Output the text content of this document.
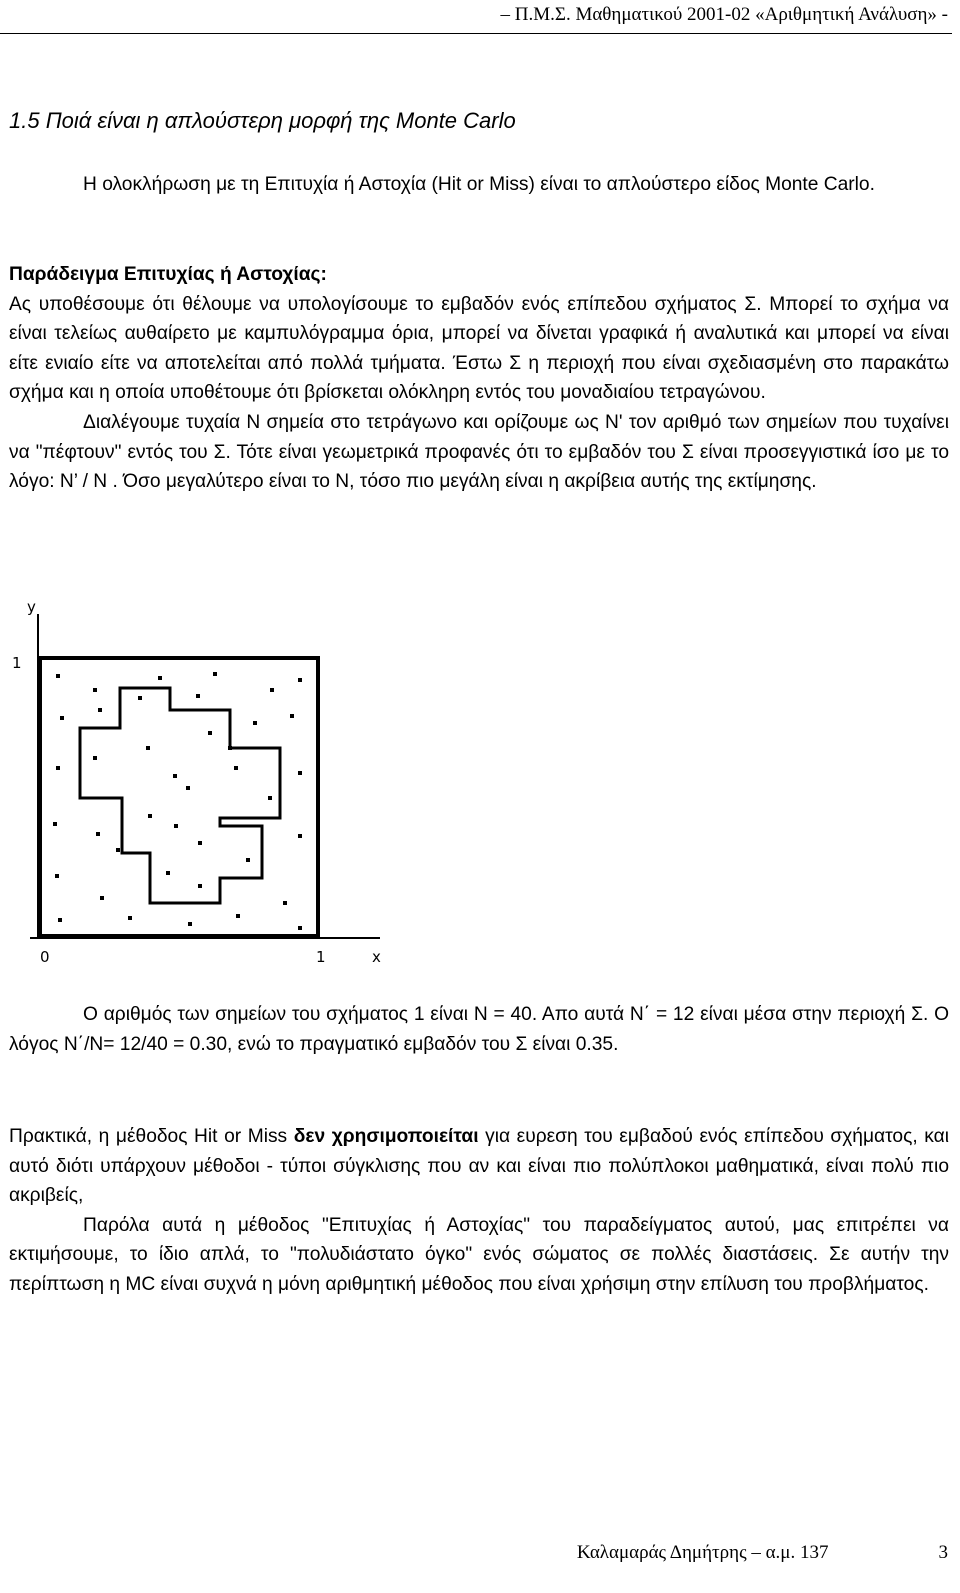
– Π.Μ.Σ. Μαθηματικού 2001-02 «Αριθμητική Ανάλυση» -
1.5 Ποιά είναι η απλούστερη μορφή της Monte Carlo
Η ολοκλήρωση με τη Επιτυχία ή Αστοχία (Hit or Miss) είναι το απλούστερο είδος Monte Carlo.
Παράδειγμα Επιτυχίας ή Αστοχίας:
Ας υποθέσουμε ότι θέλουμε να υπολογίσουμε το εμβαδόν ενός επίπεδου σχήματος Σ. Μπορεί το σχήμα να είναι τελείως αυθαίρετο με καμπυλόγραμμα όρια, μπορεί να δίνεται γραφικά ή αναλυτικά και μπορεί να είναι είτε ενιαίο είτε να αποτελείται από πολλά τμήματα. Έστω Σ η περιοχή που είναι σχεδιασμένη στο παρακάτω σχήμα και η οποία υποθέτουμε ότι βρίσκεται ολόκληρη εντός του μοναδιαίου τετραγώνου.
Διαλέγουμε τυχαία Ν σημεία στο τετράγωνο και ορίζουμε ως Ν' τον αριθμό των σημείων που τυχαίνει να "πέφτουν" εντός του Σ. Τότε είναι γεωμετρικά προφανές ότι το εμβαδόν του Σ είναι προσεγγιστικά ίσο με το λόγο: Ν’ / Ν . Όσο μεγαλύτερο είναι το Ν, τόσο πιο μεγάλη είναι η ακρίβεια αυτής της εκτίμησης.
y
1
0	1	x
Ο αριθμός των σημείων του σχήματος 1 είναι Ν = 40. Απο αυτά Ν΄ = 12 είναι μέσα στην περιοχή Σ. Ο λόγος Ν΄/Ν= 12/40 = 0.30, ενώ το πραγματικό εμβαδόν του Σ είναι 0.35.
Πρακτικά, η μέθοδος Hit or Miss δεν χρησιμοποιείται για ευρεση του εμβαδού ενός επίπεδου σχήματος, και αυτό διότι υπάρχουν μέθοδοι - τύποι σύγκλισης που αν και είναι πιο πολύπλοκοι μαθηματικά, είναι πολύ πιο ακριβείς,
Παρόλα αυτά η μέθοδος "Επιτυχίας ή Αστοχίας" του παραδείγματος αυτού, μας επιτρέπει να εκτιμήσουμε, το ίδιο απλά, το "πολυδιάστατο όγκο" ενός σώματος σε πολλές διαστάσεις. Σε αυτήν την περίπτωση η MC είναι συχνά η μόνη αριθμητική μέθοδος που είναι χρήσιμη στην επίλυση του προβλήματος.
Καλαμαράς Δημήτρης – α.μ. 137	3
